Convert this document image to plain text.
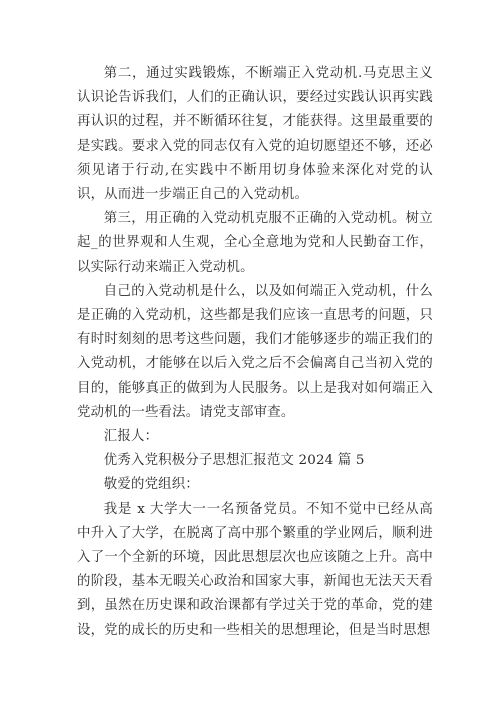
第二，通过实践锻炼，不断端正入党动机.马克思主义认识论告诉我们，人们的正确认识，要经过实践认识再实践再认识的过程，并不断循环往复，才能获得。这里最重要的是实践。要求入党的同志仅有入党的迫切愿望还不够，还必须见诸于行动,在实践中不断用切身体验来深化对党的认识，从而进一步端正自己的入党动机。

第三，用正确的入党动机克服不正确的入党动机。树立起_的世界观和人生观，全心全意地为党和人民勤奋工作，以实际行动来端正入党动机。

自己的入党动机是什么，以及如何端正入党动机，什么是正确的入党动机，这些都是我们应该一直思考的问题，只有时时刻刻的思考这些问题，我们才能够逐步的端正我们的入党动机，才能够在以后入党之后不会偏离自己当初入党的目的，能够真正的做到为人民服务。以上是我对如何端正入党动机的一些看法。请党支部审查。

汇报人：

优秀入党积极分子思想汇报范文 2024 篇 5

敬爱的党组织：

我是 x 大学大一一名预备党员。不知不觉中已经从高中升入了大学，在脱离了高中那个繁重的学业网后，顺利进入了一个全新的环境，因此思想层次也应该随之上升。高中的阶段，基本无暇关心政治和国家大事，新闻也无法天天看到，虽然在历史课和政治课都有学过关于党的革命，党的建设，党的成长的历史和一些相关的思想理论，但是当时思想
